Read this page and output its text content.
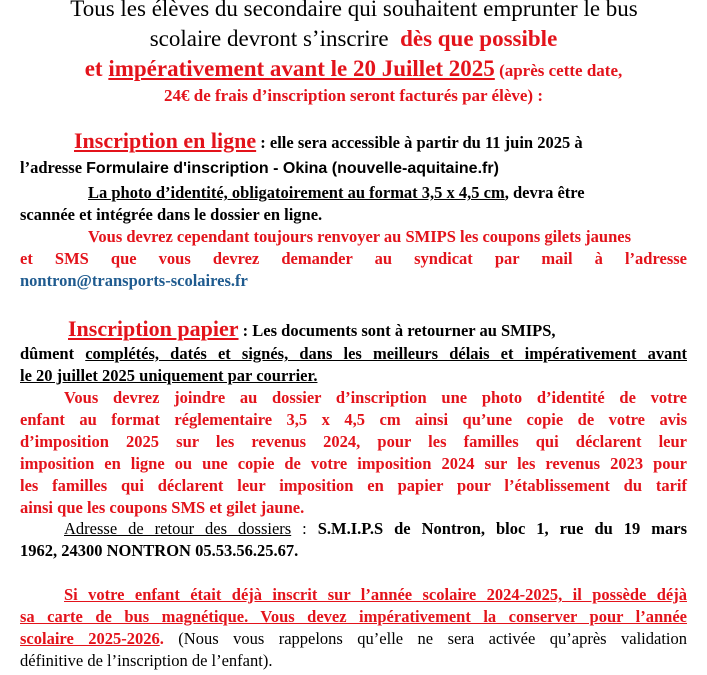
Tous les élèves du secondaire qui souhaitent emprunter le bus
scolaire devront s’inscrire dès que possible
et impérativement avant le 20 Juillet 2025 (après cette date,
24€ de frais d’inscription seront facturés par élève) :
Inscription en ligne : elle sera accessible à partir du 11 juin 2025 à
l’adresse Formulaire d'inscription - Okina (nouvelle-aquitaine.fr)
La photo d’identité, obligatoirement au format 3,5 x 4,5 cm, devra être
scannée et intégrée dans le dossier en ligne.
Vous devrez cependant toujours renvoyer au SMIPS les coupons gilets jaunes
et SMS que vous devrez demander au syndicat par mail à l’adresse
nontron@transports-scolaires.fr
Inscription papier : Les documents sont à retourner au SMIPS,
dûment complétés, datés et signés, dans les meilleurs délais et impérativement avant
le 20 juillet 2025 uniquement par courrier.
Vous devrez joindre au dossier d’inscription une photo d’identité de votre
enfant au format réglementaire 3,5 x 4,5 cm ainsi qu’une copie de votre avis
d’imposition 2025 sur les revenus 2024, pour les familles qui déclarent leur
imposition en ligne ou une copie de votre imposition 2024 sur les revenus 2023 pour
les familles qui déclarent leur imposition en papier pour l’établissement du tarif
ainsi que les coupons SMS et gilet jaune.
Adresse de retour des dossiers : S.M.I.P.S de Nontron, bloc 1, rue du 19 mars
1962, 24300 NONTRON 05.53.56.25.67.
Si votre enfant était déjà inscrit sur l’année scolaire 2024-2025, il possède déjà
sa carte de bus magnétique. Vous devez impérativement la conserver pour l’année
scolaire 2025-2026. (Nous vous rappelons qu’elle ne sera activée qu’après validation
définitive de l’inscription de l’enfant).
